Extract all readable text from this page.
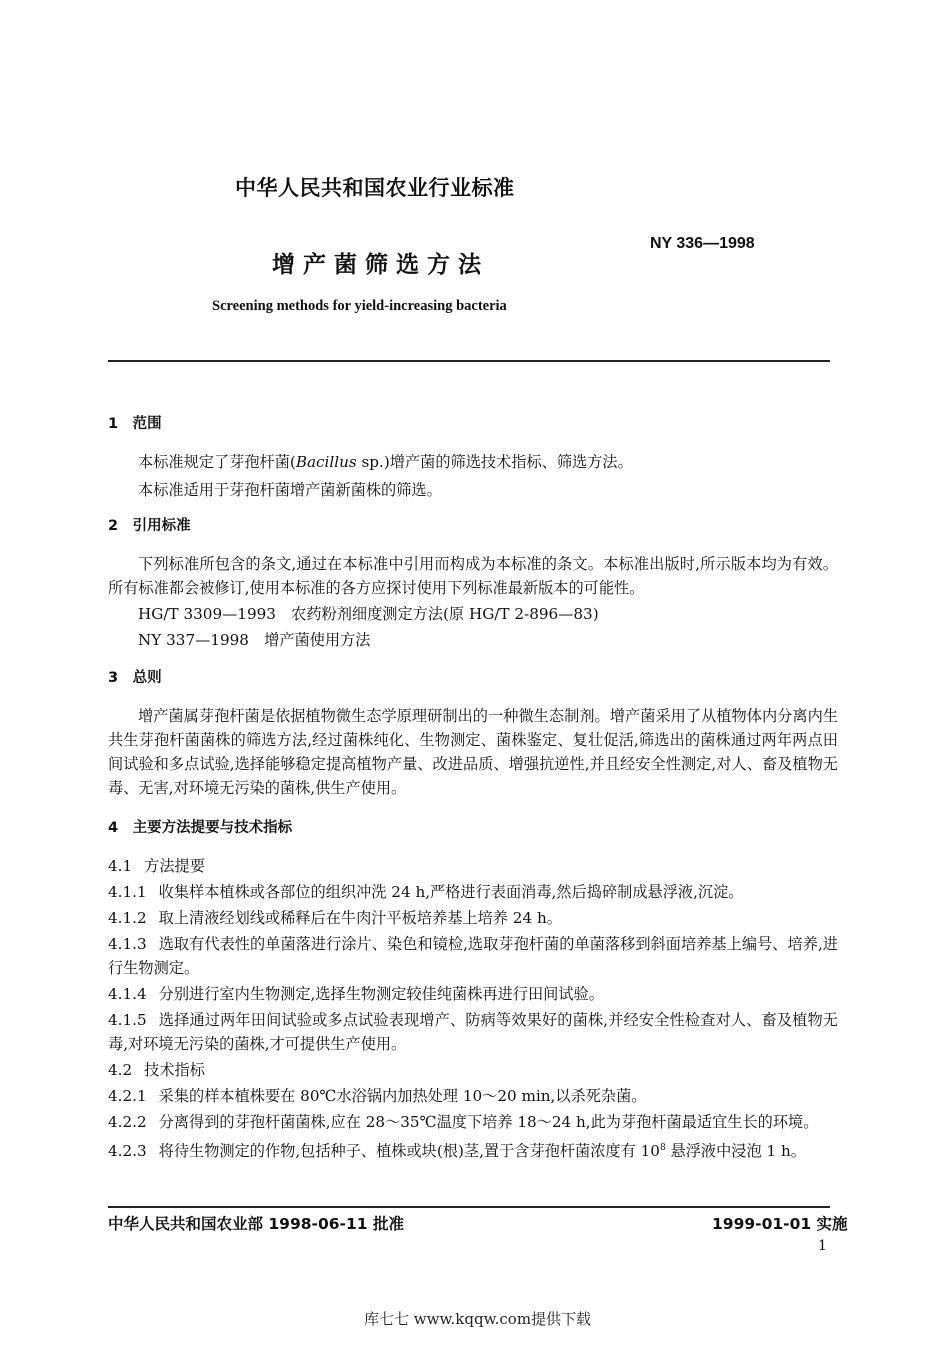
中华人民共和国农业行业标准
增产菌筛选方法
NY 336—1998
Screening methods for yield-increasing bacteria
1　范围
本标准规定了芽孢杆菌(Bacillus sp.)增产菌的筛选技术指标、筛选方法。
本标准适用于芽孢杆菌增产菌新菌株的筛选。
2　引用标准
下列标准所包含的条文,通过在本标准中引用而构成为本标准的条文。本标准出版时,所示版本均为有效。所有标准都会被修订,使用本标准的各方应探讨使用下列标准最新版本的可能性。
HG/T 3309—1993　农药粉剂细度测定方法(原 HG/T 2-896—83)
NY 337—1998　增产菌使用方法
3　总则
增产菌属芽孢杆菌是依据植物微生态学原理研制出的一种微生态制剂。增产菌采用了从植物体内分离内生共生芽孢杆菌菌株的筛选方法,经过菌株纯化、生物测定、菌株鉴定、复壮促活,筛选出的菌株通过两年两点田间试验和多点试验,选择能够稳定提高植物产量、改进品质、增强抗逆性,并且经安全性测定,对人、畜及植物无毒、无害,对环境无污染的菌株,供生产使用。
4　主要方法提要与技术指标
4.1 方法提要
4.1.1 收集样本植株或各部位的组织冲洗 24 h,严格进行表面消毒,然后捣碎制成悬浮液,沉淀。
4.1.2 取上清液经划线或稀释后在牛肉汁平板培养基上培养 24 h。
4.1.3 选取有代表性的单菌落进行涂片、染色和镜检,选取芽孢杆菌的单菌落移到斜面培养基上编号、培养,进行生物测定。
4.1.4 分别进行室内生物测定,选择生物测定较佳纯菌株再进行田间试验。
4.1.5 选择通过两年田间试验或多点试验表现增产、防病等效果好的菌株,并经安全性检查对人、畜及植物无毒,对环境无污染的菌株,才可提供生产使用。
4.2 技术指标
4.2.1 采集的样本植株要在 80℃水浴锅内加热处理 10～20 min,以杀死杂菌。
4.2.2 分离得到的芽孢杆菌菌株,应在 28～35℃温度下培养 18～24 h,此为芽孢杆菌最适宜生长的环境。
4.2.3 将待生物测定的作物,包括种子、植株或块(根)茎,置于含芽孢杆菌浓度有 $10^8$ 悬浮液中浸泡 1 h。
中华人民共和国农业部 1998-06-11 批准	1999-01-01 实施
1
库七七 www.kqqw.com提供下载
